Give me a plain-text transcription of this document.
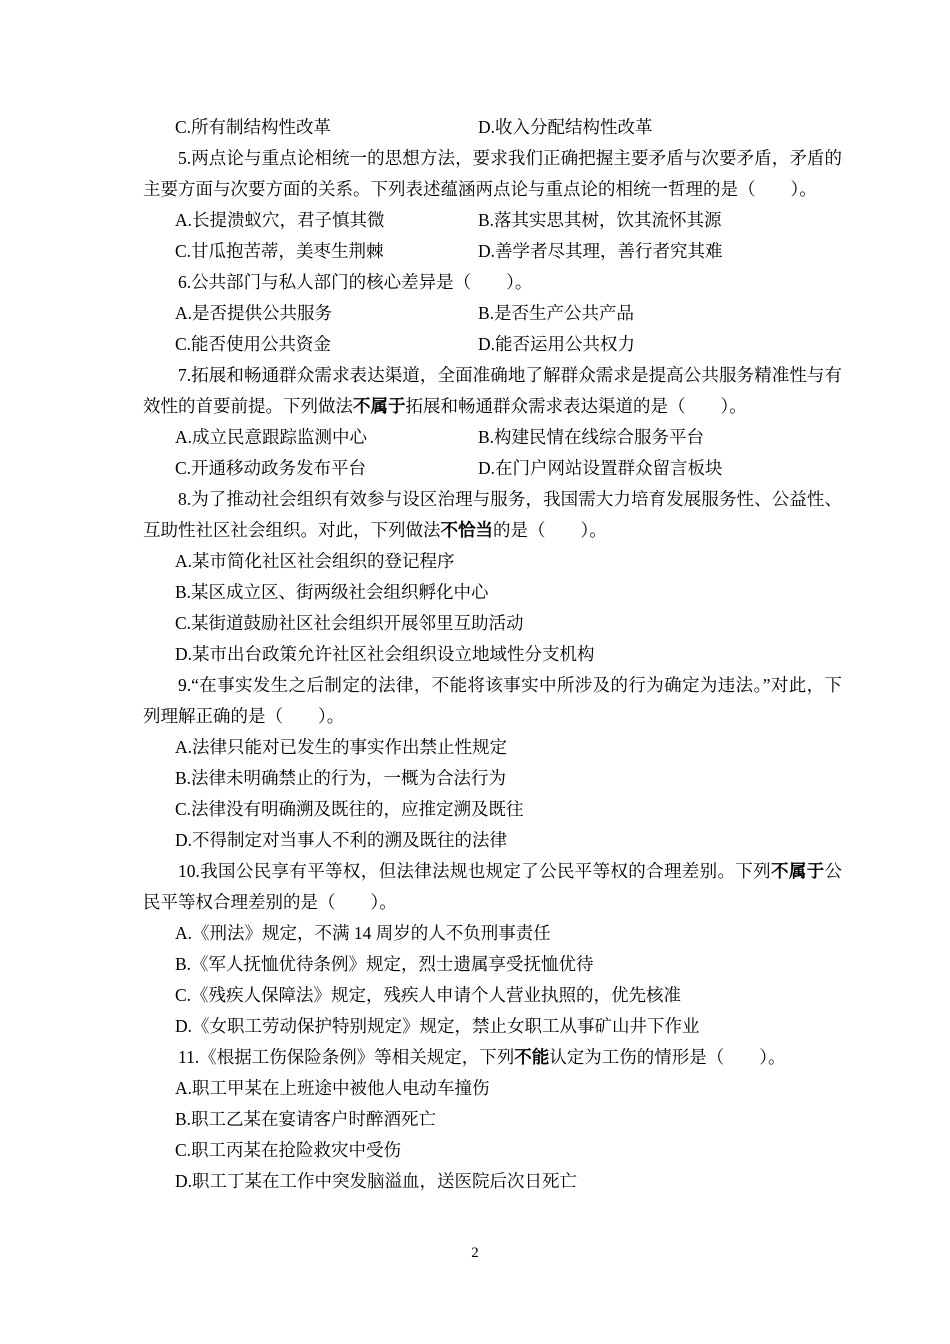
C.所有制结构性改革	D.收入分配结构性改革

5.两点论与重点论相统一的思想方法，要求我们正确把握主要矛盾与次要矛盾，矛盾的主要方面与次要方面的关系。下列表述蕴涵两点论与重点论的相统一哲理的是（　　）。

A.长提溃蚁穴，君子慎其微	B.落其实思其树，饮其流怀其源
C.甘瓜抱苦蒂，美枣生荆棘	D.善学者尽其理，善行者究其难

6.公共部门与私人部门的核心差异是（　　）。

A.是否提供公共服务	B.是否生产公共产品
C.能否使用公共资金	D.能否运用公共权力

7.拓展和畅通群众需求表达渠道，全面准确地了解群众需求是提高公共服务精准性与有效性的首要前提。下列做法不属于拓展和畅通群众需求表达渠道的是（　　）。

A.成立民意跟踪监测中心	B.构建民情在线综合服务平台
C.开通移动政务发布平台	D.在门户网站设置群众留言板块

8.为了推动社会组织有效参与设区治理与服务，我国需大力培育发展服务性、公益性、互助性社区社会组织。对此，下列做法不恰当的是（　　）。

A.某市简化社区社会组织的登记程序

B.某区成立区、街两级社会组织孵化中心

C.某街道鼓励社区社会组织开展邻里互助活动

D.某市出台政策允许社区社会组织设立地域性分支机构

9.“在事实发生之后制定的法律，不能将该事实中所涉及的行为确定为违法。”对此，下列理解正确的是（　　）。

A.法律只能对已发生的事实作出禁止性规定

B.法律未明确禁止的行为，一概为合法行为

C.法律没有明确溯及既往的，应推定溯及既往

D.不得制定对当事人不利的溯及既往的法律

10.我国公民享有平等权，但法律法规也规定了公民平等权的合理差别。下列不属于公民平等权合理差别的是（　　）。

A.《刑法》规定，不满 14 周岁的人不负刑事责任

B.《军人抚恤优待条例》规定，烈士遗属享受抚恤优待

C.《残疾人保障法》规定，残疾人申请个人营业执照的，优先核准

D.《女职工劳动保护特别规定》规定，禁止女职工从事矿山井下作业

11.《根据工伤保险条例》等相关规定，下列不能认定为工伤的情形是（　　）。

A.职工甲某在上班途中被他人电动车撞伤

B.职工乙某在宴请客户时醉酒死亡

C.职工丙某在抢险救灾中受伤

D.职工丁某在工作中突发脑溢血，送医院后次日死亡

2
